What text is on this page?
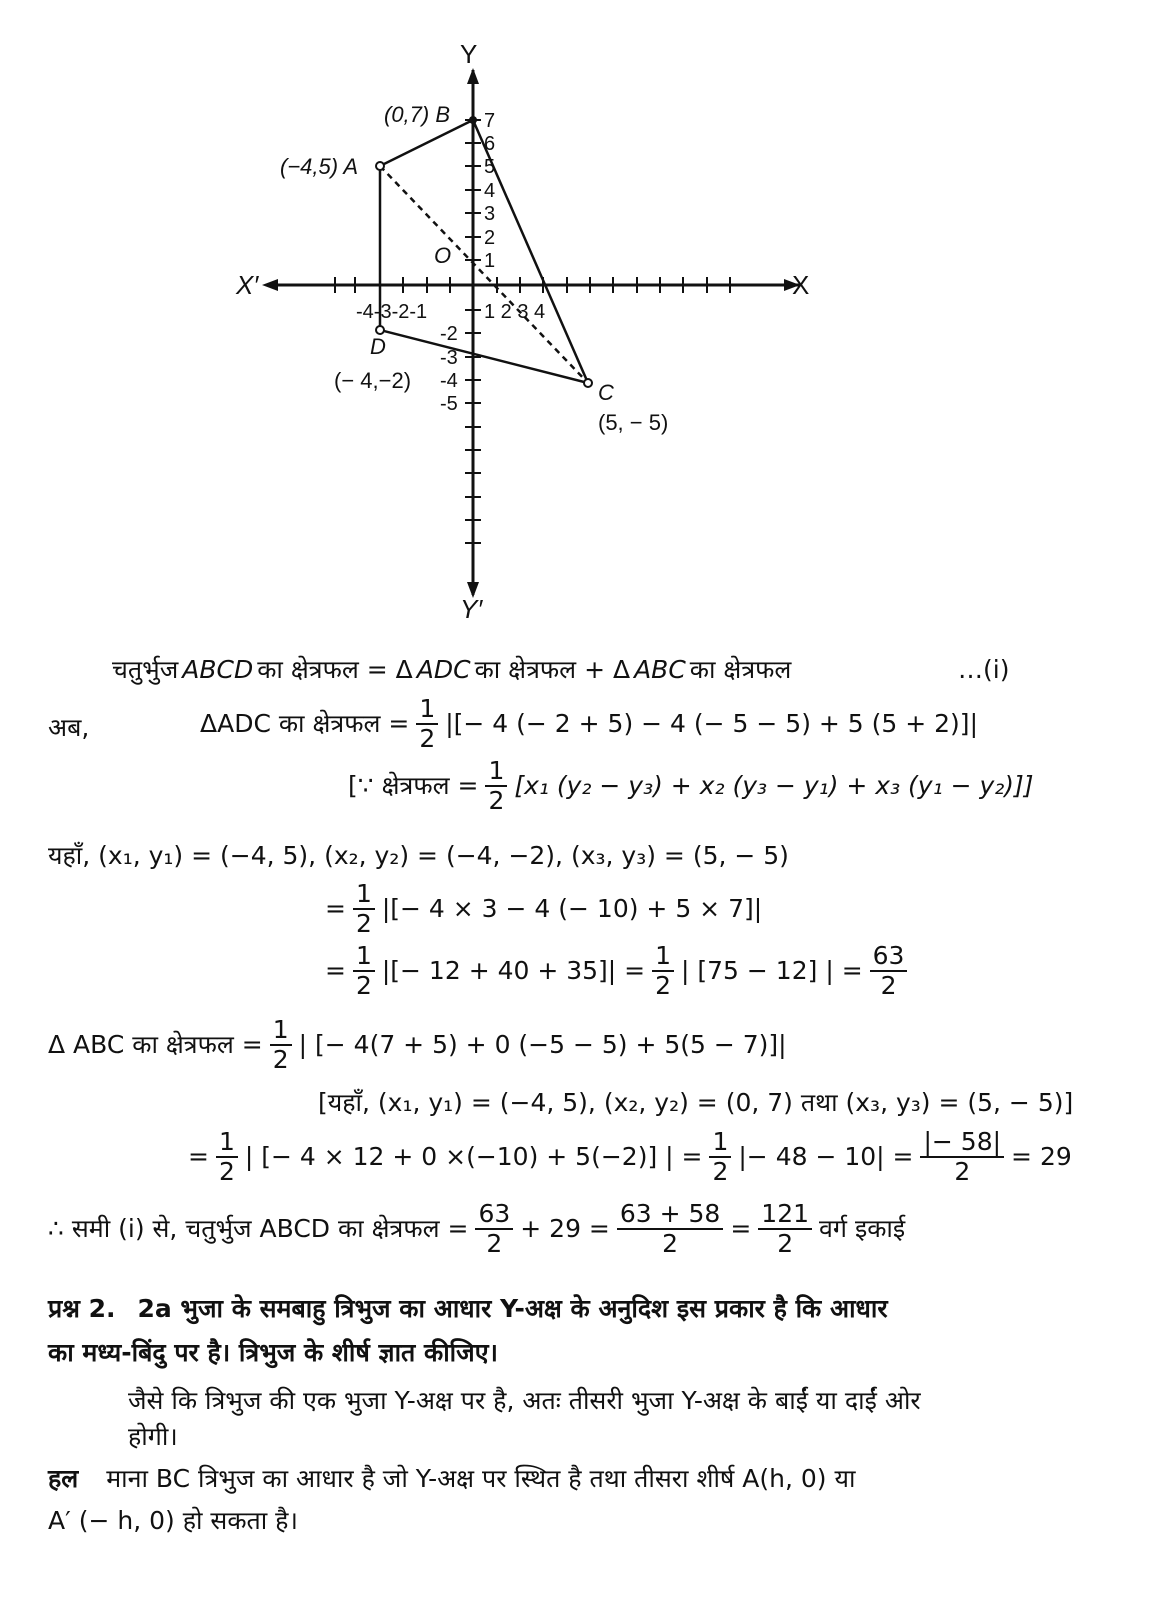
Y
Y′
X
X′
O
(−4,5) A
(0,7) B
C
(5, − 5)
D
(− 4,−2)
-4-3-2-1	1 2 3 4
7
6
5
4
3
2
1
-2
-3
-4
-5
चतुर्भुज ABCD का क्षेत्रफल = Δ ADC का क्षेत्रफल + Δ ABC का क्षेत्रफल	…(i)
अब,	ΔADC का क्षेत्रफल = $\frac{1}{2}$ |[− 4 (− 2 + 5) − 4 (− 5 − 5) + 5 (5 + 2)]|
[∵ क्षेत्रफल = $\frac{1}{2} [x_1$ (y₂ − y₃) + x₂ (y₃ − y₁) + x₃ (y₁ − y₂)]]
यहाँ, (x₁, y₁) = (−4, 5), (x₂, y₂) = (−4, −2), (x₃, y₃) = (5, − 5)
= $\frac{1}{2}$ |[− 4 × 3 − 4 (− 10) + 5 × 7]|
= $\frac{1}{2}$ |[− $12 + 40 + 35]| = \frac{1}{2}$ | [75 − 12] | = $\frac{63}{2}$
Δ ABC का क्षेत्रफल = $\frac{1}{2}$ | [− 4(7 + 5) + 0 (−5 − 5) + 5(5 − 7)]|
[यहाँ, (x₁, y₁) = (−4, 5), (x₂, y₂) = (0, 7) तथा (x₃, y₃) = (5, − 5)]
= $\frac{1}{2}$ | [− 4 × 12 + 0 ×(−10) + 5(−2)] | = $\frac{1}{2}$ |− $48 - 10| = \frac{|- 58|}{2} = 29$
∴ समी (i) से, चतुर्भुज ABCD का क्षेत्रफल = $\frac{63}{2} + 29 = \frac{63 + 58}{2} = \frac{121}{2}$ वर्ग इकाई
प्रश्न 2. 2a भुजा के समबाहु त्रिभुज का आधार Y-अक्ष के अनुदिश इस प्रकार है कि आधार
का मध्य-बिंदु पर है। त्रिभुज के शीर्ष ज्ञात कीजिए।
जैसे कि त्रिभुज की एक भुजा Y-अक्ष पर है, अतः तीसरी भुजा Y-अक्ष के बाईं या दाईं ओर
होगी।
हल माना BC त्रिभुज का आधार है जो Y-अक्ष पर स्थित है तथा तीसरा शीर्ष A(h, 0) या
A′ (− h, 0) हो सकता है।
